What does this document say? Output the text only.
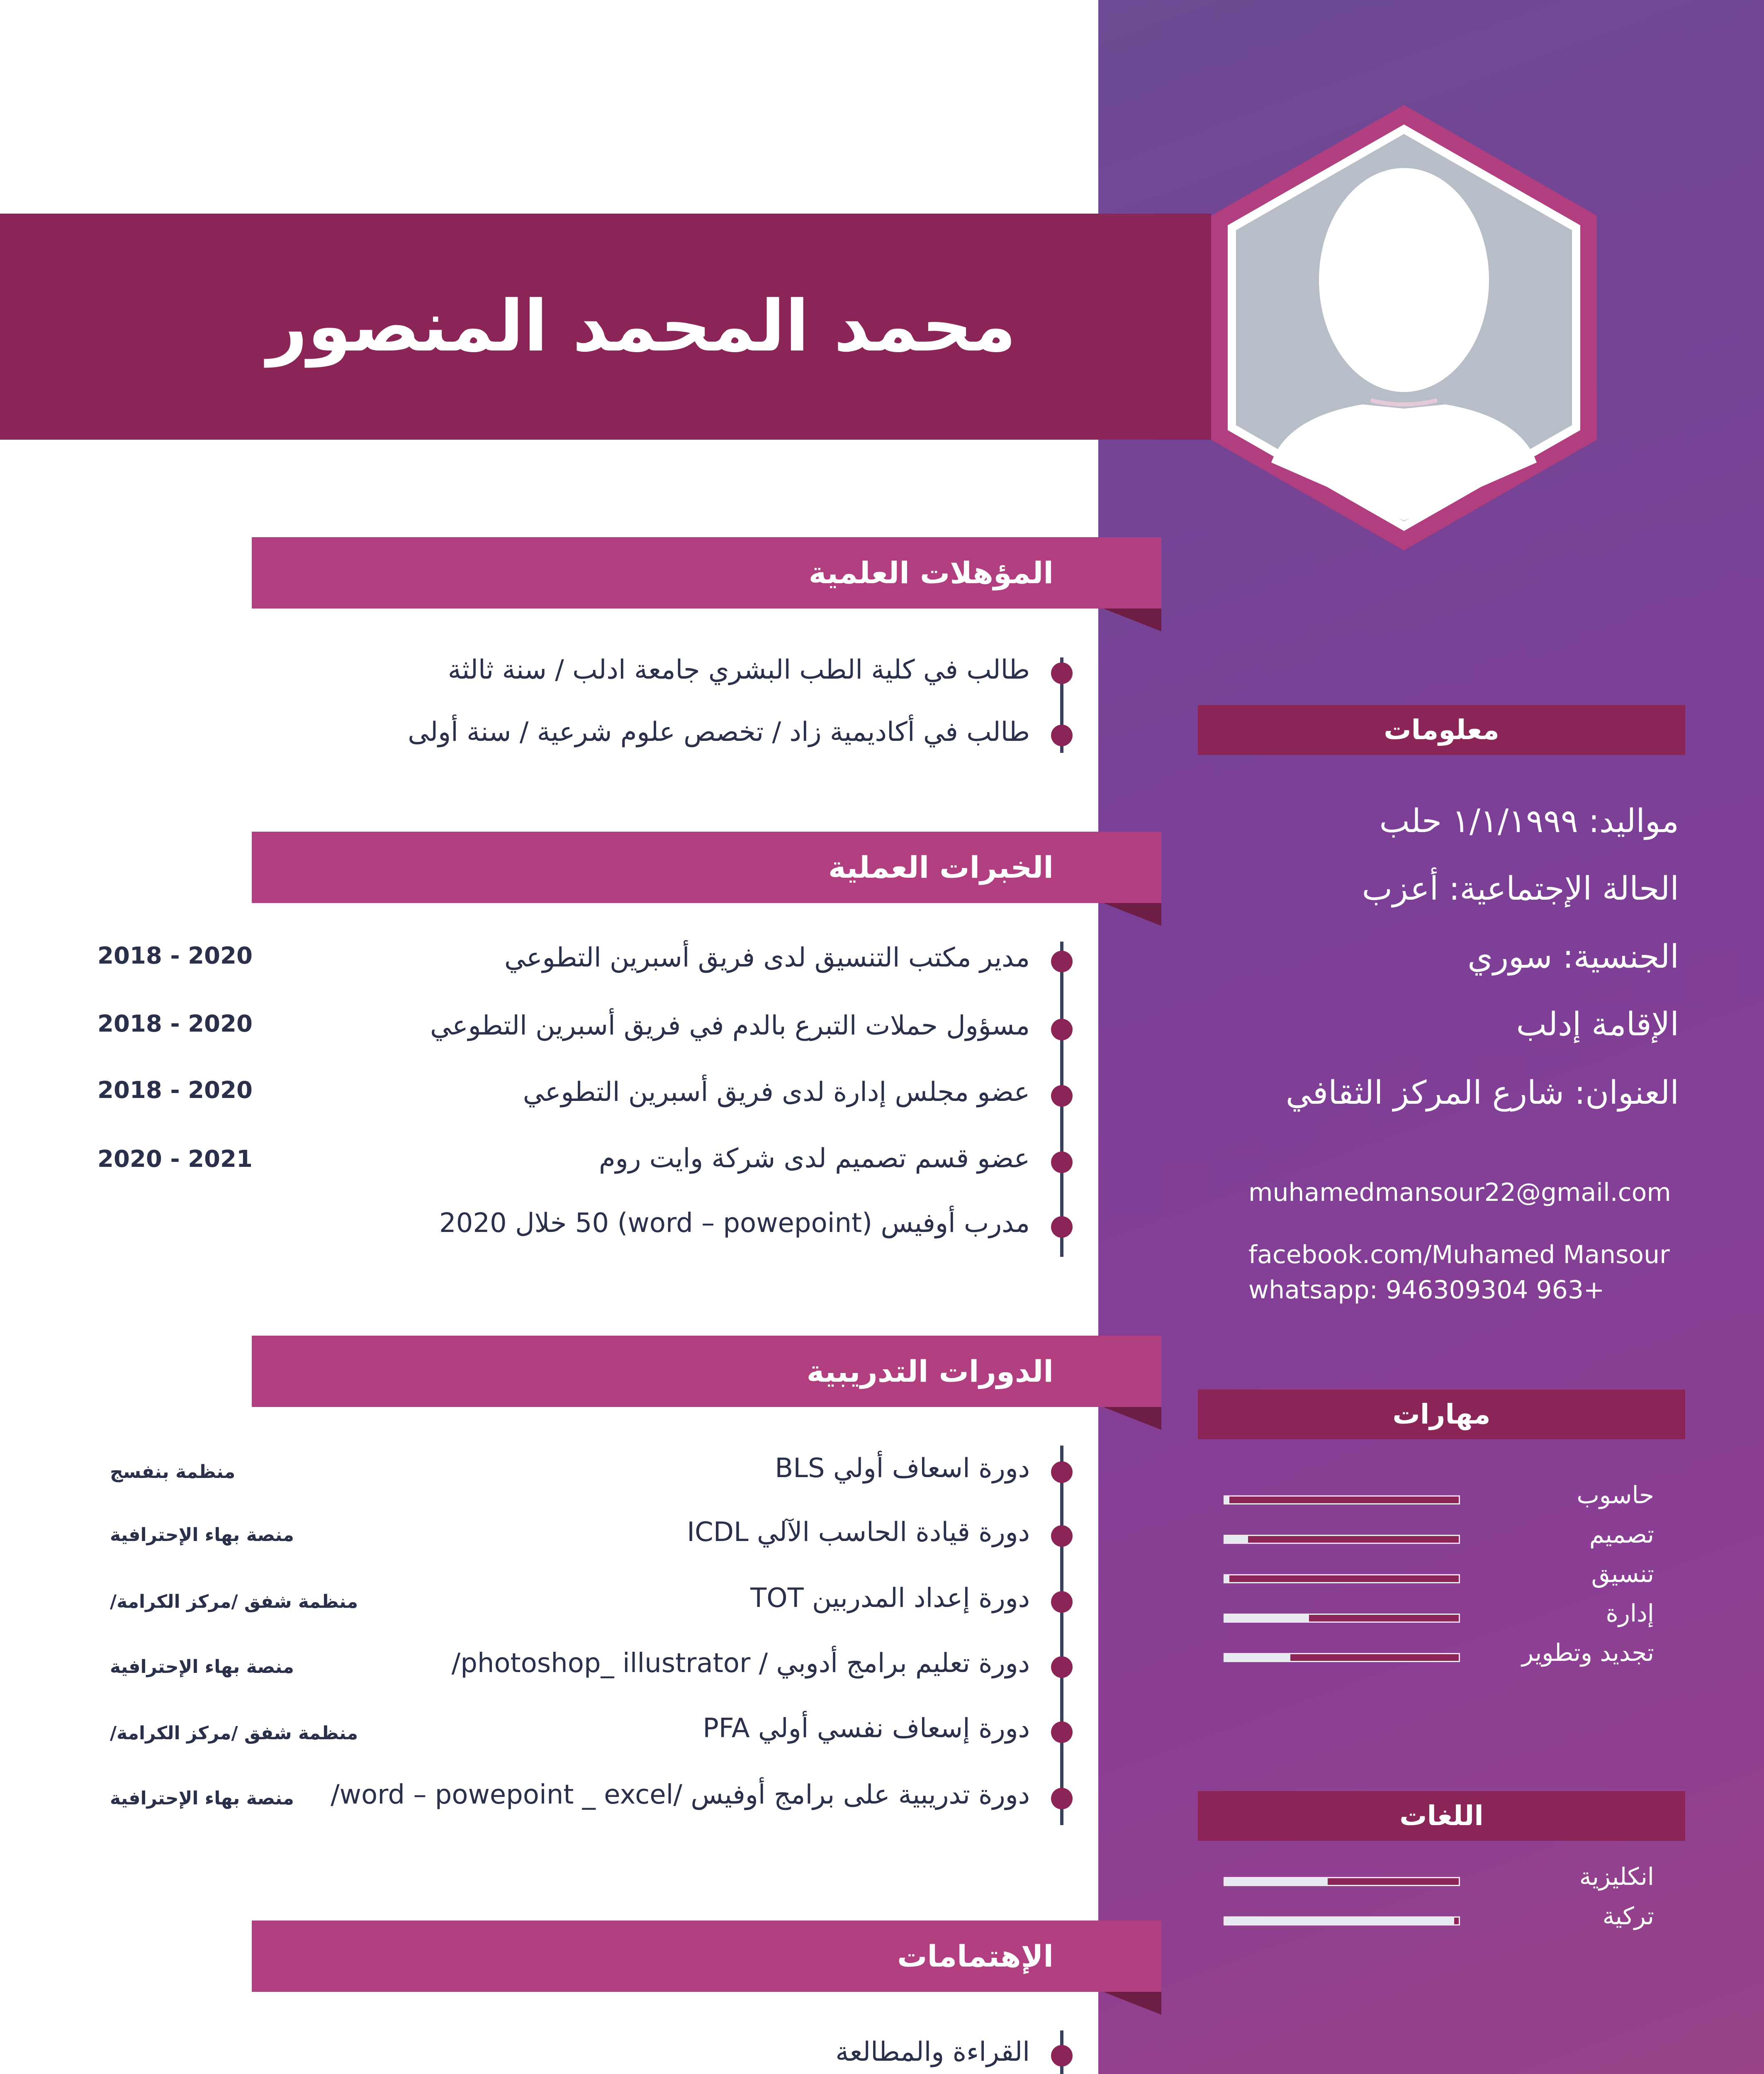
محمد المحمد المنصور
المؤهلات العلمية
طالب في كلية الطب البشري جامعة ادلب / سنة ثالثة
طالب في أكاديمية زاد / تخصص علوم شرعية / سنة أولى
الخبرات العملية
مدير مكتب التنسيق لدى فريق أسبرين التطوعي
مسؤول حملات التبرع بالدم في فريق أسبرين التطوعي
عضو مجلس إدارة لدى فريق أسبرين التطوعي
عضو قسم تصميم لدى شركة وايت روم
مدرب أوفيس (word – powepoint) 50 خلال 2020
2018 - 2020
2018 - 2020
2018 - 2020
2020 - 2021
الدورات التدريبية
دورة اسعاف أولي BLS
دورة قيادة الحاسب الآلي ICDL
دورة إعداد المدربين TOT
دورة تعليم برامج أدوبي / photoshop_ illustrator/
دورة إسعاف نفسي أولي PFA
دورة تدريبية على برامج أوفيس /word – powepoint _ excel/
منظمة بنفسج
منصة بهاء الإحترافية
منظمة شفق /مركز الكرامة/
منصة بهاء الإحترافية
منظمة شفق /مركز الكرامة/
منصة بهاء الإحترافية
الإهتمامات
القراءة والمطالعة
معلومات
مواليد: ١/١/١٩٩٩ حلب
الحالة الإجتماعية: أعزب
الجنسية: سوري
الإقامة إدلب
العنوان: شارع المركز الثقافي
muhamedmansour22@gmail.com
facebook.com/Muhamed Mansour
whatsapp: 946309304 963+
مهارات
حاسوب
تصميم
تنسيق
إدارة
تجديد وتطوير
اللغات
انكليزية
تركية
